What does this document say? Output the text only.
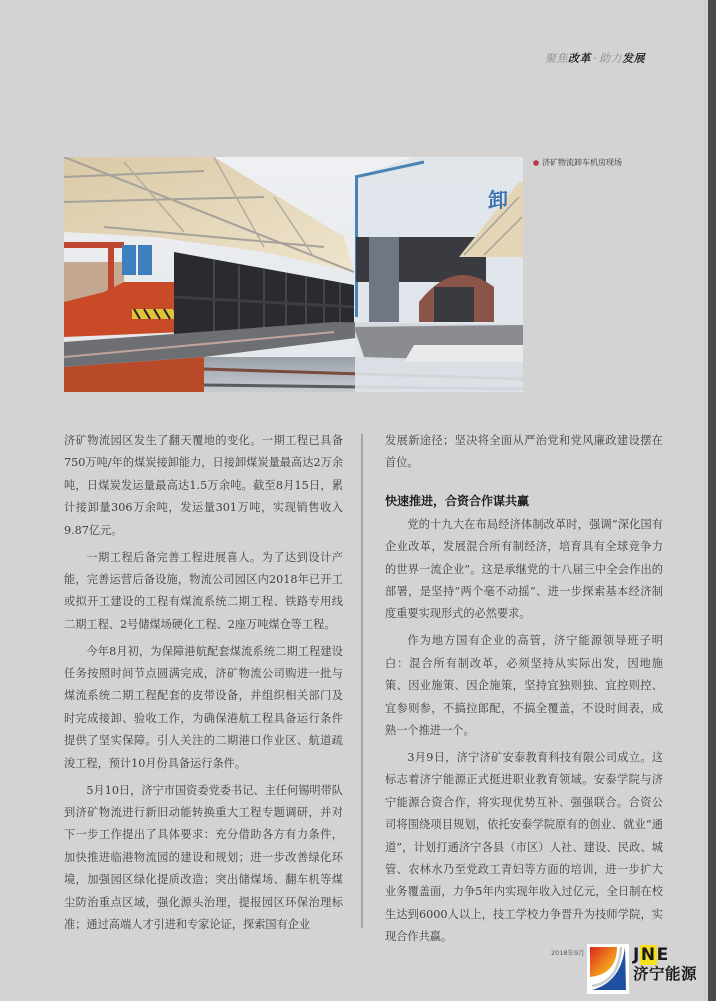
聚焦改革 · 助力发展
卸
济矿物流卸车机房现场

济矿物流园区发生了翻天覆地的变化。一期工程已具备750万吨/年的煤炭接卸能力，日接卸煤炭量最高达2万余吨，日煤炭发运量最高达1.5万余吨。截至8月15日，累计接卸量306万余吨，发运量301万吨，实现销售收入9.87亿元。

一期工程后备完善工程进展喜人。为了达到设计产能，完善运营后备设施，物流公司园区内2018年已开工或拟开工建设的工程有煤流系统二期工程、铁路专用线二期工程、2号储煤场硬化工程、2座万吨煤仓等工程。

今年8月初，为保障港航配套煤流系统二期工程建设任务按照时间节点圆满完成，济矿物流公司购进一批与煤流系统二期工程配套的皮带设备，并组织相关部门及时完成接卸、验收工作，为确保港航工程具备运行条件提供了坚实保障。引人关注的二期港口作业区、航道疏浚工程，预计10月份具备运行条件。

5月10日，济宁市国资委党委书记、主任何锡明带队到济矿物流进行新旧动能转换重大工程专题调研，并对下一步工作提出了具体要求：充分借助各方有力条件，加快推进临港物流园的建设和规划；进一步改善绿化环境，加强园区绿化提质改造；突出储煤场、翻车机等煤尘防治重点区域，强化源头治理，提报园区环保治理标准；通过高端人才引进和专家论证，探索国有企业

发展新途径；坚决将全面从严治党和党风廉政建设摆在首位。

快速推进，合资合作谋共赢

党的十九大在布局经济体制改革时，强调“深化国有企业改革，发展混合所有制经济，培育具有全球竞争力的世界一流企业”。这是承继党的十八届三中全会作出的部署，是坚持“两个毫不动摇”、进一步探索基本经济制度重要实现形式的必然要求。

作为地方国有企业的高管，济宁能源领导班子明白：混合所有制改革，必须坚持从实际出发，因地施策、因业施策、因企施策，坚持宜独则独、宜控则控、宜参则参，不搞拉郎配，不搞全覆盖，不设时间表，成熟一个推进一个。

3月9日，济宁济矿安泰教育科技有限公司成立。这标志着济宁能源正式挺进职业教育领域。安泰学院与济宁能源合资合作，将实现优势互补、强强联合。合资公司将围绕项目规划，依托安泰学院原有的创业、就业“通道”，计划打通济宁各县（市区）人社、建设、民政、城管、农林水乃至党政工青妇等方面的培训，进一步扩大业务覆盖面，力争5年内实现年收入过亿元，全日制在校生达到6000人以上，技工学校力争晋升为技师学院，实现合作共赢。

2018年9月	JNE
济宁能源
